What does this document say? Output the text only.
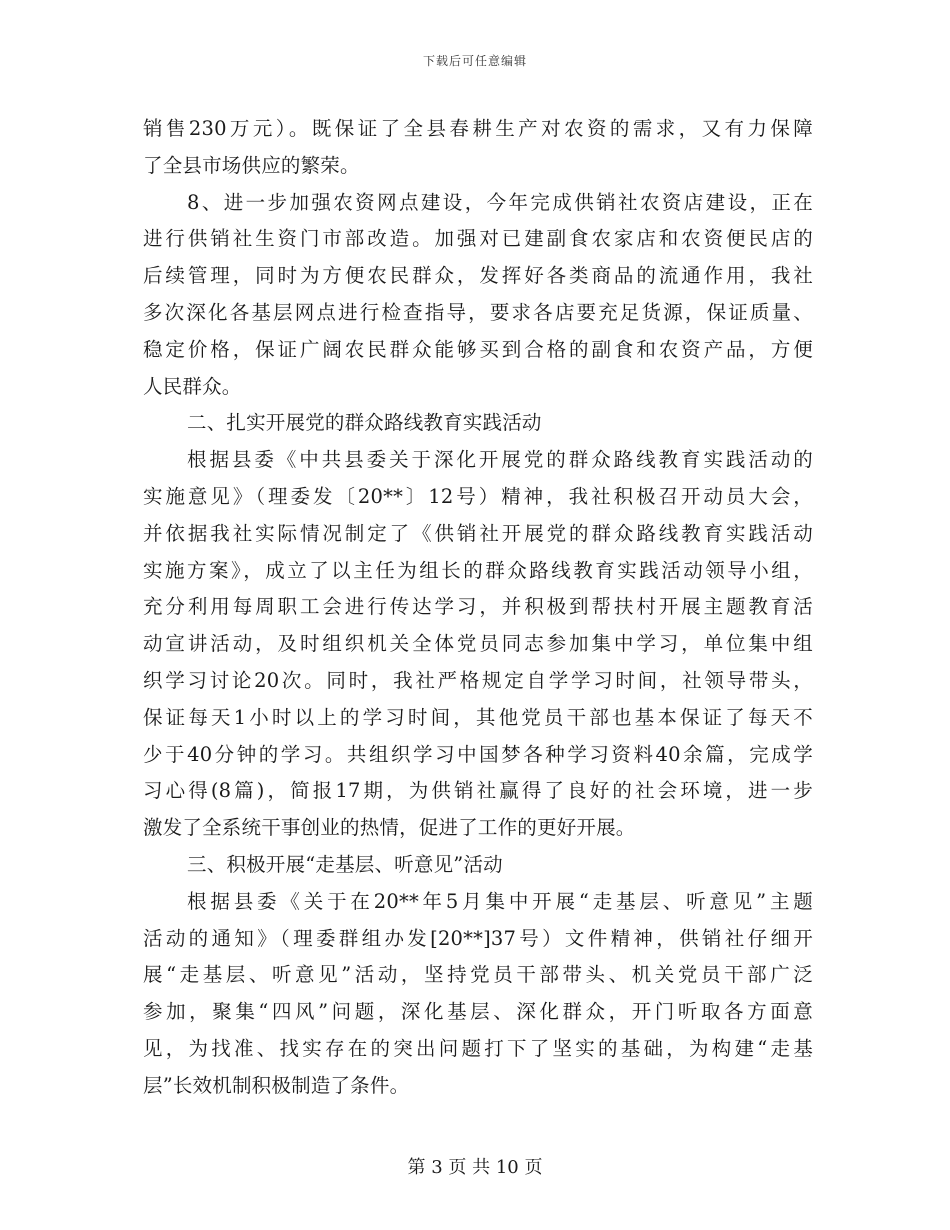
下载后可任意编辑
销售230万元）。既保证了全县春耕生产对农资的需求，又有力保障
了全县市场供应的繁荣。
8、进一步加强农资网点建设，今年完成供销社农资店建设，正在
进行供销社生资门市部改造。加强对已建副食农家店和农资便民店的
后续管理，同时为方便农民群众，发挥好各类商品的流通作用，我社
多次深化各基层网点进行检查指导，要求各店要充足货源，保证质量、
稳定价格，保证广阔农民群众能够买到合格的副食和农资产品，方便
人民群众。
二、扎实开展党的群众路线教育实践活动
根据县委《中共县委关于深化开展党的群众路线教育实践活动的
实施意见》（理委发〔20**〕12号）精神，我社积极召开动员大会，
并依据我社实际情况制定了《供销社开展党的群众路线教育实践活动
实施方案》，成立了以主任为组长的群众路线教育实践活动领导小组，
充分利用每周职工会进行传达学习，并积极到帮扶村开展主题教育活
动宣讲活动，及时组织机关全体党员同志参加集中学习，单位集中组
织学习讨论20次。同时，我社严格规定自学学习时间，社领导带头，
保证每天1小时以上的学习时间，其他党员干部也基本保证了每天不
少于40分钟的学习。共组织学习中国梦各种学习资料40余篇，完成学
习心得(8篇)，简报17期，为供销社赢得了良好的社会环境，进一步
激发了全系统干事创业的热情，促进了工作的更好开展。
三、积极开展“走基层、听意见”活动
根据县委《关于在20**年5月集中开展“走基层、听意见”主题
活动的通知》（理委群组办发[20**]37号）文件精神，供销社仔细开
展“走基层、听意见”活动，坚持党员干部带头、机关党员干部广泛
参加，聚集“四风”问题，深化基层、深化群众，开门听取各方面意
见，为找准、找实存在的突出问题打下了坚实的基础，为构建“走基
层”长效机制积极制造了条件。
第 3 页 共 10 页
